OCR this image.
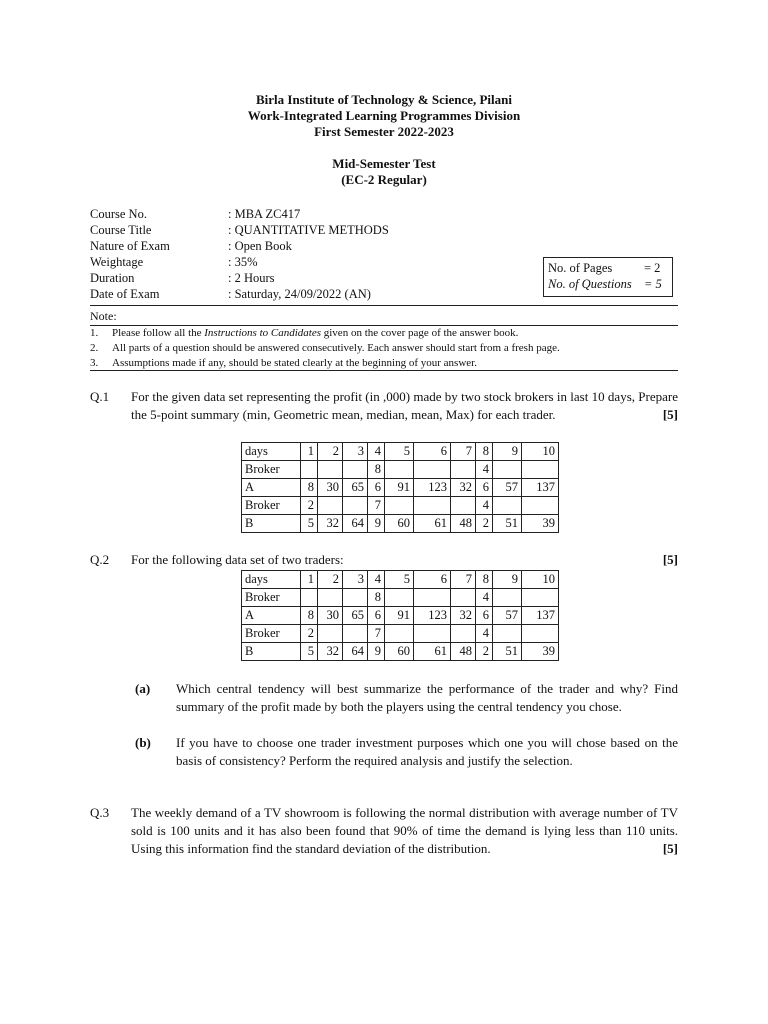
Birla Institute of Technology & Science, Pilani
Work-Integrated Learning Programmes Division
First Semester 2022-2023
Mid-Semester Test
(EC-2 Regular)
Course No.	: MBA ZC417
Course Title	: QUANTITATIVE METHODS
Nature of Exam	: Open Book
Weightage	: 35%
Duration	: 2 Hours
Date of Exam	: Saturday, 24/09/2022 (AN)
No. of Pages	= 2
No. of Questions = 5
Note:
1. Please follow all the Instructions to Candidates given on the cover page of the answer book.
2. All parts of a question should be answered consecutively. Each answer should start from a fresh page.
3. Assumptions made if any, should be stated clearly at the beginning of your answer.
Q.1 For the given data set representing the profit (in ,000) made by two stock brokers in last 10 days, Prepare the 5-point summary (min, Geometric mean, median, mean, Max) for each trader.	[5]
days	1	2	3	4	5	6	7	8	9	10
Broker				8				4		
A	8	30	65	6	91	123	32	6	57	137
Broker	2			7				4		
B	5	32	64	9	60	61	48	2	51	39
Q.2 For the following data set of two traders:	[5]
days	1	2	3	4	5	6	7	8	9	10
Broker				8				4		
A	8	30	65	6	91	123	32	6	57	137
Broker	2			7				4		
B	5	32	64	9	60	61	48	2	51	39
(a) Which central tendency will best summarize the performance of the trader and why? Find summary of the profit made by both the players using the central tendency you chose.
(b) If you have to choose one trader investment purposes which one you will chose based on the basis of consistency? Perform the required analysis and justify the selection.
Q.3 The weekly demand of a TV showroom is following the normal distribution with average number of TV sold is 100 units and it has also been found that 90% of time the demand is lying less than 110 units. Using this information find the standard deviation of the distribution.	[5]
